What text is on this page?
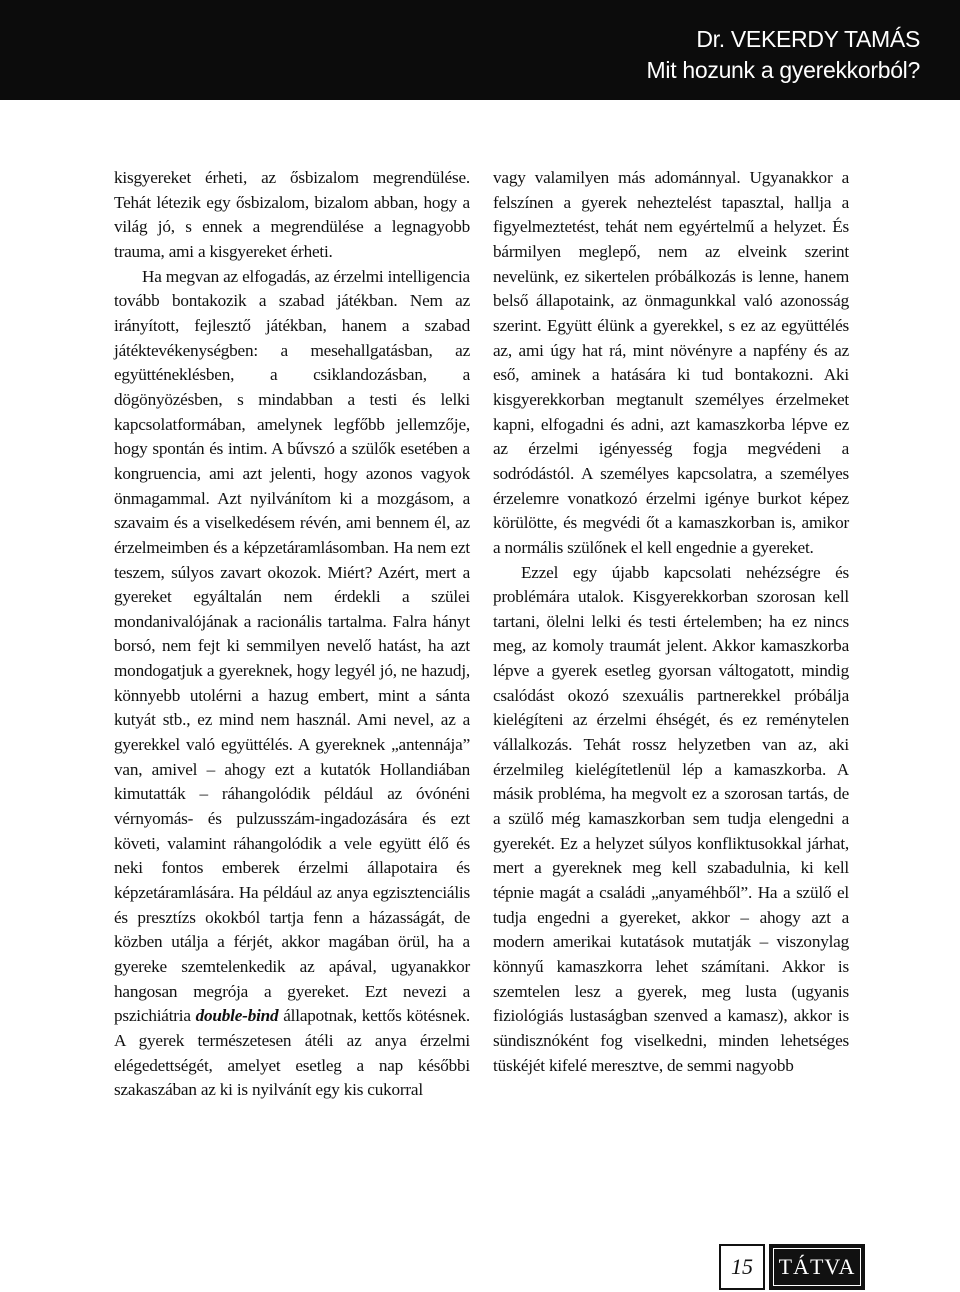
Dr. VEKERDY TAMÁS
Mit hozunk a gyerekkorból?

kisgyereket érheti, az ősbizalom megrendülése. Tehát létezik egy ősbizalom, bizalom abban, hogy a világ jó, s ennek a megrendülése a legnagyobb trauma, ami a kisgyereket érheti.

Ha megvan az elfogadás, az érzelmi intelligencia tovább bontakozik a szabad játékban. Nem az irányított, fejlesztő játékban, hanem a szabad játéktevékenységben: a mesehallgatásban, az együtténeklésben, a csiklandozásban, a dögönyözésben, s mindabban a testi és lelki kapcsolatformában, amelynek legfőbb jellemzője, hogy spontán és intim. A bűvszó a szülők esetében a kongruencia, ami azt jelenti, hogy azonos vagyok önmagammal. Azt nyilvánítom ki a mozgásom, a szavaim és a viselkedésem révén, ami bennem él, az érzelmeimben és a képzetáramlásomban. Ha nem ezt teszem, súlyos zavart okozok. Miért? Azért, mert a gyereket egyáltalán nem érdekli a szülei mondanivalójának a racionális tartalma. Falra hányt borsó, nem fejt ki semmilyen nevelő hatást, ha azt mondogatjuk a gyereknek, hogy legyél jó, ne hazudj, könnyebb utolérni a hazug embert, mint a sánta kutyát stb., ez mind nem használ. Ami nevel, az a gyerekkel való együttélés. A gyereknek „antennája” van, amivel – ahogy ezt a kutatók Hollandiában kimutatták – ráhangolódik például az óvónéni vérnyomás- és pulzusszám-ingadozására és ezt követi, valamint ráhangolódik a vele együtt élő és neki fontos emberek érzelmi állapotaira és képzetáramlására. Ha például az anya egzisztenciális és presztízs okokból tartja fenn a házasságát, de közben utálja a férjét, akkor magában örül, ha a gyereke szemtelenkedik az apával, ugyanakkor hangosan megrója a gyereket. Ezt nevezi a pszichiátria double-bind állapotnak, kettős kötésnek. A gyerek természetesen átéli az anya érzelmi elégedettségét, amelyet esetleg a nap későbbi szakaszában az ki is nyilvánít egy kis cukorral

vagy valamilyen más adománnyal. Ugyanakkor a felszínen a gyerek neheztelést tapasztal, hallja a figyelmeztetést, tehát nem egyértelmű a helyzet. És bármilyen meglepő, nem az elveink szerint nevelünk, ez sikertelen próbálkozás is lenne, hanem belső állapotaink, az önmagunkkal való azonosság szerint. Együtt élünk a gyerekkel, s ez az együttélés az, ami úgy hat rá, mint növényre a napfény és az eső, aminek a hatására ki tud bontakozni. Aki kisgyerekkorban megtanult személyes érzelmeket kapni, elfogadni és adni, azt kamaszkorba lépve ez az érzelmi igényesség fogja megvédeni a sodródástól. A személyes kapcsolatra, a személyes érzelemre vonatkozó érzelmi igénye burkot képez körülötte, és megvédi őt a kamaszkorban is, amikor a normális szülőnek el kell engednie a gyereket.

Ezzel egy újabb kapcsolati nehézségre és problémára utalok. Kisgyerekkorban szorosan kell tartani, ölelni lelki és testi értelemben; ha ez nincs meg, az komoly traumát jelent. Akkor kamaszkorba lépve a gyerek esetleg gyorsan váltogatott, mindig csalódást okozó szexuális partnerekkel próbálja kielégíteni az érzelmi éhségét, és ez reménytelen vállalkozás. Tehát rossz helyzetben van az, aki érzelmileg kielégítetlenül lép a kamaszkorba. A másik probléma, ha megvolt ez a szorosan tartás, de a szülő még kamaszkorban sem tudja elengedni a gyerekét. Ez a helyzet súlyos konfliktusokkal járhat, mert a gyereknek meg kell szabadulnia, ki kell tépnie magát a családi „anyaméhből”. Ha a szülő el tudja engedni a gyereket, akkor – ahogy azt a modern amerikai kutatások mutatják – viszonylag könnyű kamaszkorra lehet számítani. Akkor is szemtelen lesz a gyerek, meg lusta (ugyanis fiziológiás lustaságban szenved a kamasz), akkor is sündisznóként fog viselkedni, minden lehetséges tüskéjét kifelé meresztve, de semmi nagyobb

15	TÁTVA
